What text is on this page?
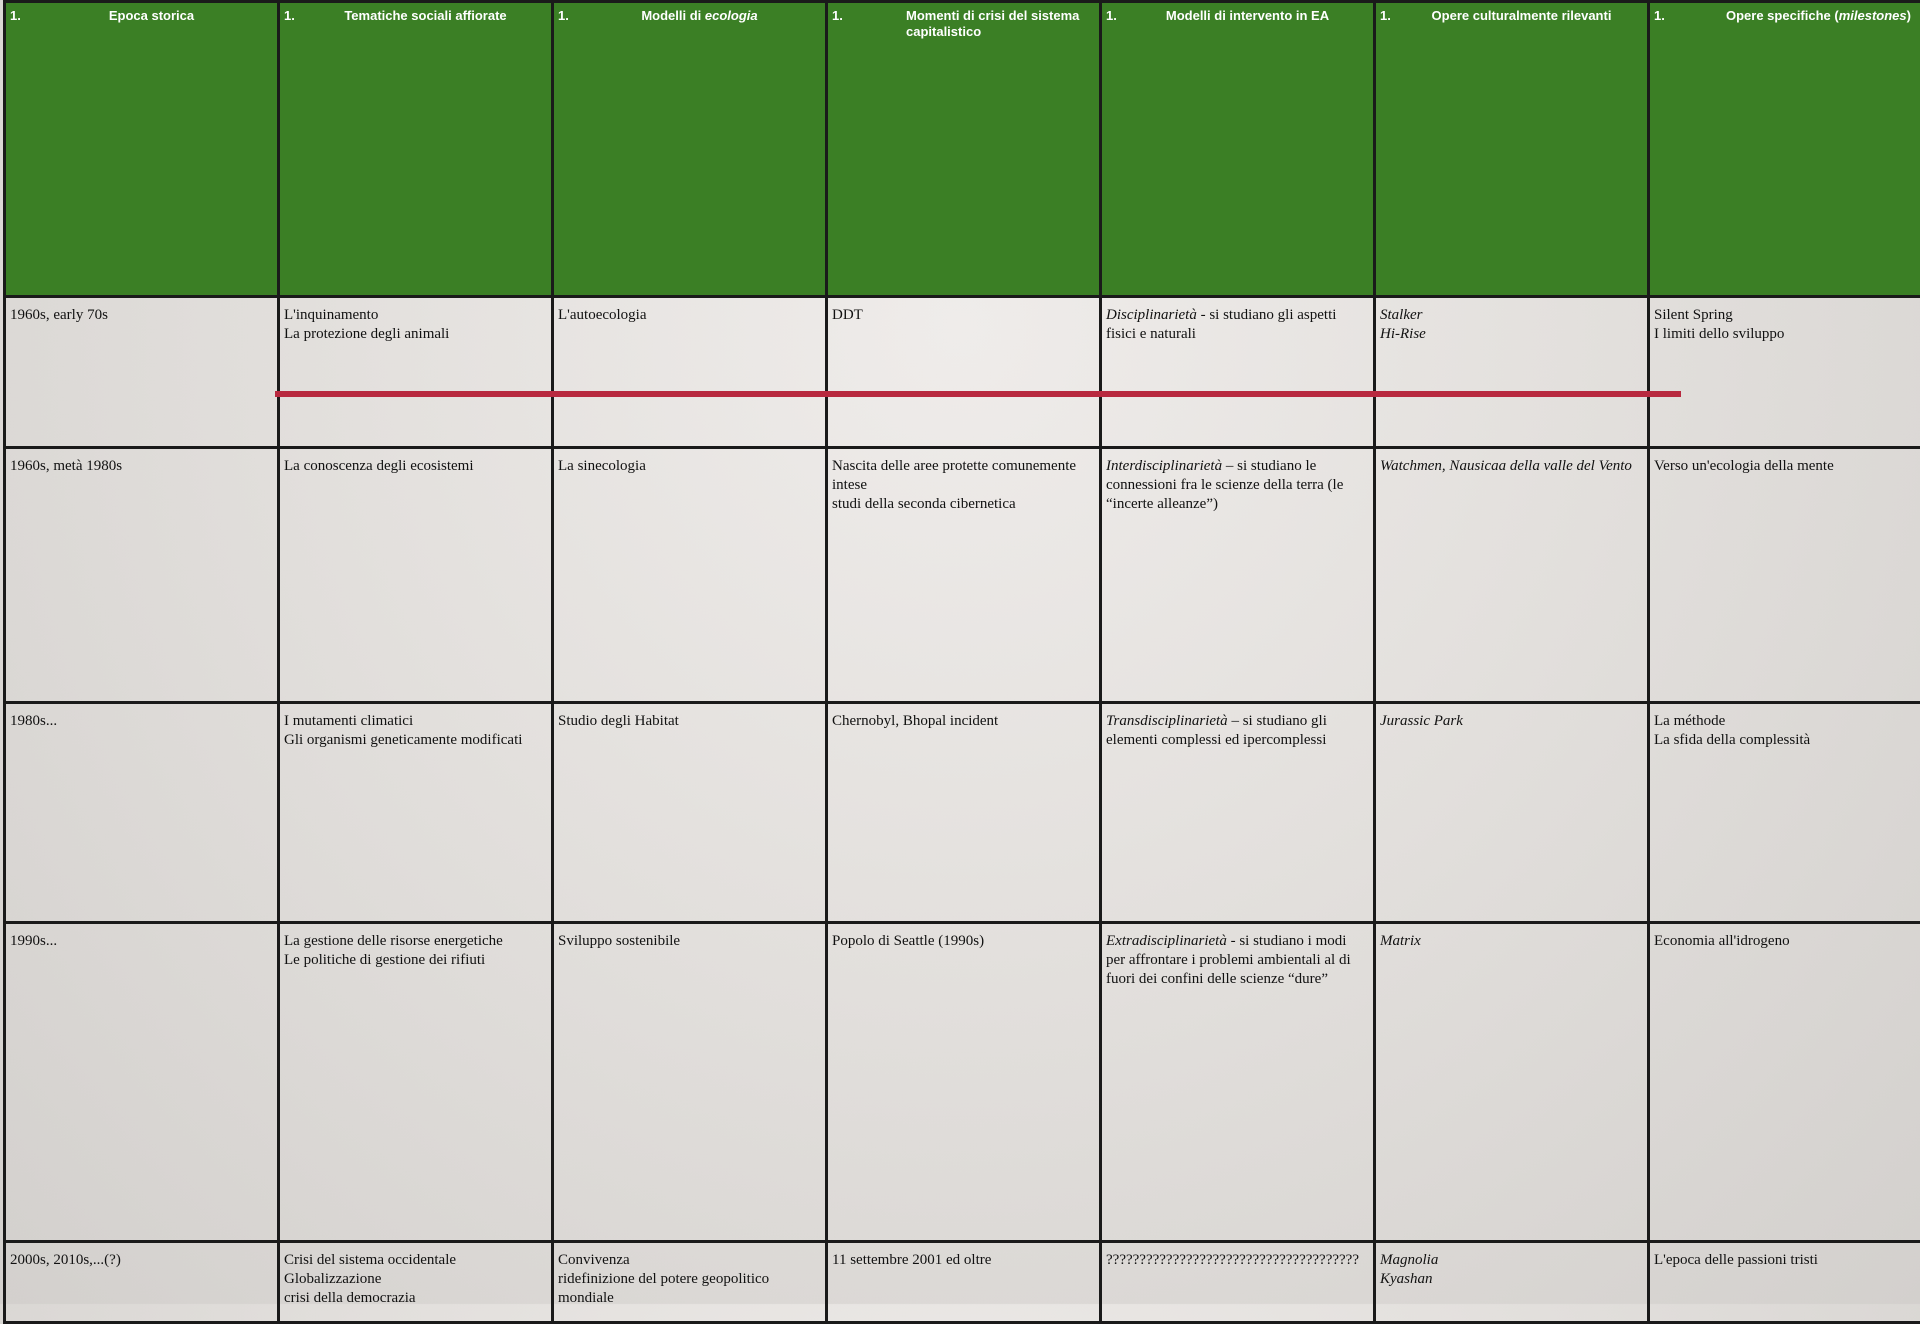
1. Epoca storica	1. Tematiche sociali affiorate	1. Modelli di ecologia	1. Momenti di crisi del sistema capitalistico	1. Modelli di intervento in EA	1. Opere culturalmente rilevanti	1. Opere specifiche (milestones)

1960s, early 70s	L'inquinamento
La protezione degli animali	L'autoecologia	DDT	Disciplinarietà - si studiano gli aspetti fisici e naturali	Stalker
Hi-Rise	Silent Spring
I limiti dello sviluppo

1960s, metà 1980s	La conoscenza degli ecosistemi	La sinecologia	Nascita delle aree protette comunemente intese
studi della seconda cibernetica	Interdisciplinarietà – si studiano le connessioni fra le scienze della terra (le “incerte alleanze”)	Watchmen, Nausicaa della valle del Vento	Verso un'ecologia della mente

1980s...	I mutamenti climatici
Gli organismi geneticamente modificati	Studio degli Habitat	Chernobyl, Bhopal incident	Transdisciplinarietà – si studiano gli elementi complessi ed ipercomplessi	Jurassic Park	La méthode
La sfida della complessità

1990s...	La gestione delle risorse energetiche
Le politiche di gestione dei rifiuti	Sviluppo sostenibile	Popolo di Seattle (1990s)	Extradisciplinarietà - si studiano i modi per affrontare i problemi ambientali al di fuori dei confini delle scienze “dure”	Matrix	Economia all'idrogeno

2000s, 2010s,...(?)	Crisi del sistema occidentale
Globalizzazione
crisi della democrazia	Convivenza
ridefinizione del potere geopolitico mondiale	11 settembre 2001 ed oltre	??????????????????????????????????????	Magnolia
Kyashan	L'epoca delle passioni tristi
